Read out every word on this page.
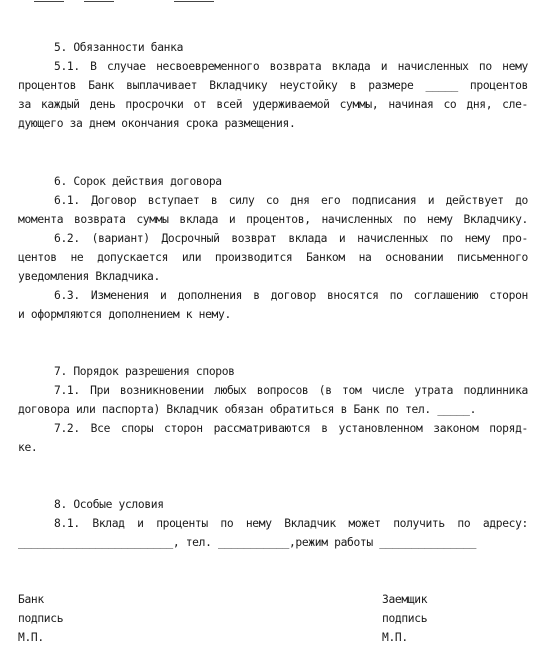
5. Обязанности банка
5.1. В случае несвоевременного возврата вклада и начисленных по нему
процентов Банк выплачивает Вкладчику неустойку в размере _____ процентов
за каждый день просрочки от всей удерживаемой суммы, начиная со дня, сле-
дующего за днем окончания срока размещения.
6. Сорок действия договора
6.1. Договор вступает в силу со дня его подписания и действует до
момента возврата суммы вклада и процентов, начисленных по нему Вкладчику.
6.2. (вариант) Досрочный возврат вклада и начисленных по нему про-
центов не допускается или производится Банком на основании письменного
уведомления Вкладчика.
6.3. Изменения и дополнения в договор вносятся по соглашению сторон
и оформляются дополнением к нему.
7. Порядок разрешения споров
7.1. При возникновении любых вопросов (в том числе утрата подлинника
договора или паспорта) Вкладчик обязан обратиться в Банк по тел. _____.
7.2. Все споры сторон рассматриваются в установленном законом поряд-
ке.
8. Особые условия
8.1. Вклад и проценты по нему Вкладчик может получить по адресу:
________________________, тел. ___________,режим работы _______________
Банк
подпись
М.П.
Заемщик
подпись
М.П.
